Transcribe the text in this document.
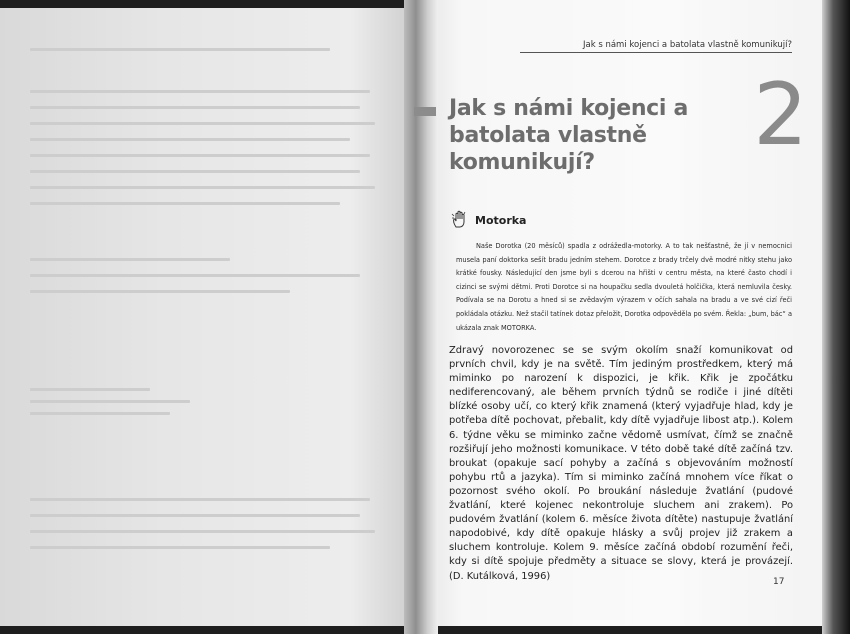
Jak s námi kojenci a batolata vlastně komunikují?
Jak s námi kojenci a batolata vlastně komunikují?	2
Motorka
Naše Dorotka (20 měsíců) spadla z odrážedla-motorky. A to tak nešťastně, že jí v nemocnici musela paní doktorka sešít bradu jedním stehem. Dorotce z brady trčely dvě modré nitky stehu jako krátké fousky. Následující den jsme byli s dcerou na hřišti v centru města, na které často chodí i cizinci se svými dětmi. Proti Dorotce si na houpačku sedla dvouletá holčička, která nemluvila česky. Podívala se na Dorotu a hned si se zvědavým výrazem v očích sahala na bradu a ve své cizí řeči pokládala otázku. Než stačil tatínek dotaz přeložit, Dorotka odpověděla po svém. Řekla: „bum, bác“ a ukázala znak MOTORKA.
Zdravý novorozenec se se svým okolím snaží komunikovat od prvních chvil, kdy je na světě. Tím jediným prostředkem, který má miminko po narození k dispozici, je křik. Křik je zpočátku nediferencovaný, ale během prvních týdnů se rodiče i jiné dítěti blízké osoby učí, co který křik znamená (který vyjadřuje hlad, kdy je potřeba dítě pochovat, přebalit, kdy dítě vyjadřuje libost atp.). Kolem 6. týdne věku se miminko začne vědomě usmívat, čímž se značně rozšiřují jeho možnosti komunikace. V této době také dítě začíná tzv. broukat (opakuje sací pohyby a začíná s objevováním možností pohybu rtů a jazyka). Tím si miminko začíná mnohem více říkat o pozornost svého okolí. Po broukání následuje žvatlání (pudové žvatlání, které kojenec nekontroluje sluchem ani zrakem). Po pudovém žvatlání (kolem 6. měsíce života dítěte) nastupuje žvatlání napodobivé, kdy dítě opakuje hlásky a svůj projev již zrakem a sluchem kontroluje. Kolem 9. měsíce začíná období rozumění řeči, kdy si dítě spojuje předměty a situace se slovy, která je provázejí. (D. Kutálková, 1996)
17
